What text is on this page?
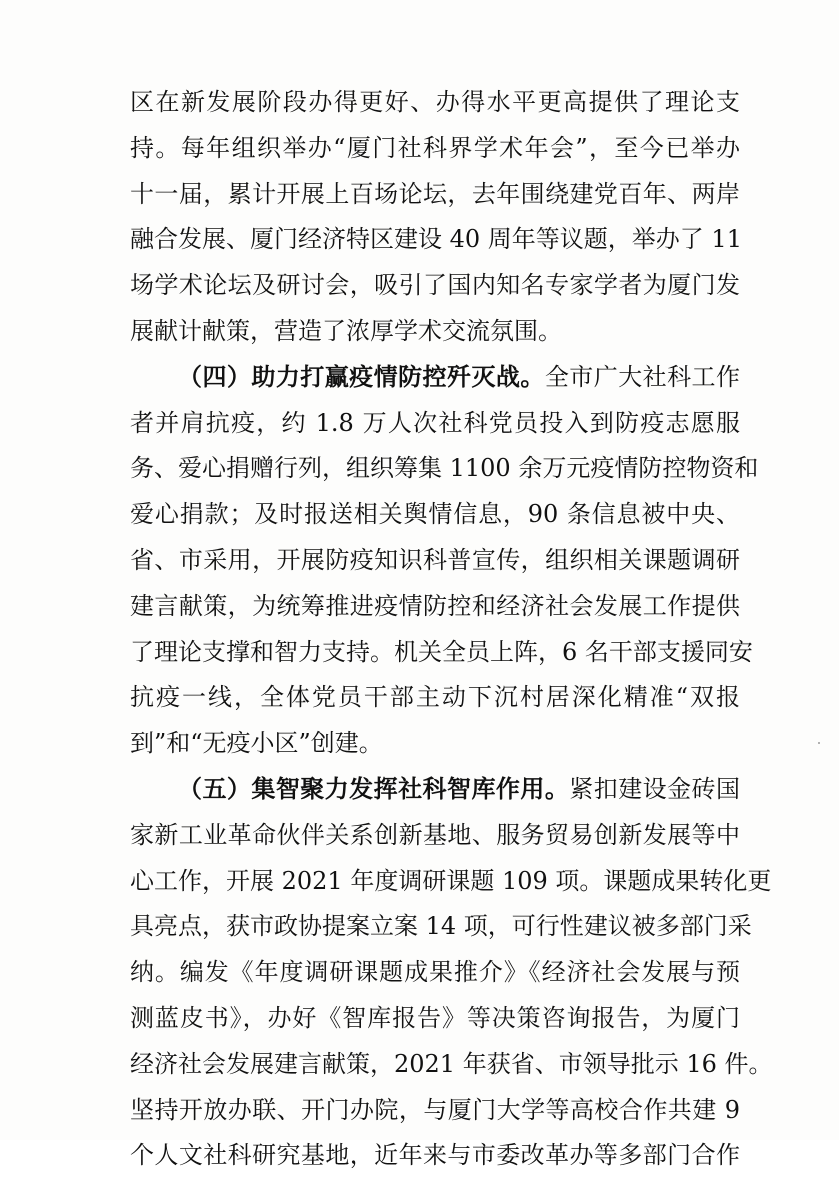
区在新发展阶段办得更好、办得水平更高提供了理论支
持。每年组织举办“厦门社科界学术年会”，至今已举办
十一届，累计开展上百场论坛，去年围绕建党百年、两岸
融合发展、厦门经济特区建设 40 周年等议题，举办了 11
场学术论坛及研讨会，吸引了国内知名专家学者为厦门发
展献计献策，营造了浓厚学术交流氛围。
（四）助力打赢疫情防控歼灭战。全市广大社科工作
者并肩抗疫，约 1.8 万人次社科党员投入到防疫志愿服
务、爱心捐赠行列，组织筹集 1100 余万元疫情防控物资和
爱心捐款；及时报送相关舆情信息，90 条信息被中央、
省、市采用，开展防疫知识科普宣传，组织相关课题调研
建言献策，为统筹推进疫情防控和经济社会发展工作提供
了理论支撑和智力支持。机关全员上阵，6 名干部支援同安
抗疫一线，全体党员干部主动下沉村居深化精准“双报
到”和“无疫小区”创建。
（五）集智聚力发挥社科智库作用。紧扣建设金砖国
家新工业革命伙伴关系创新基地、服务贸易创新发展等中
心工作，开展 2021 年度调研课题 109 项。课题成果转化更
具亮点，获市政协提案立案 14 项，可行性建议被多部门采
纳。编发《年度调研课题成果推介》《经济社会发展与预
测蓝皮书》，办好《智库报告》等决策咨询报告，为厦门
经济社会发展建言献策，2021 年获省、市领导批示 16 件。
坚持开放办联、开门办院，与厦门大学等高校合作共建 9
个人文社科研究基地，近年来与市委改革办等多部门合作
